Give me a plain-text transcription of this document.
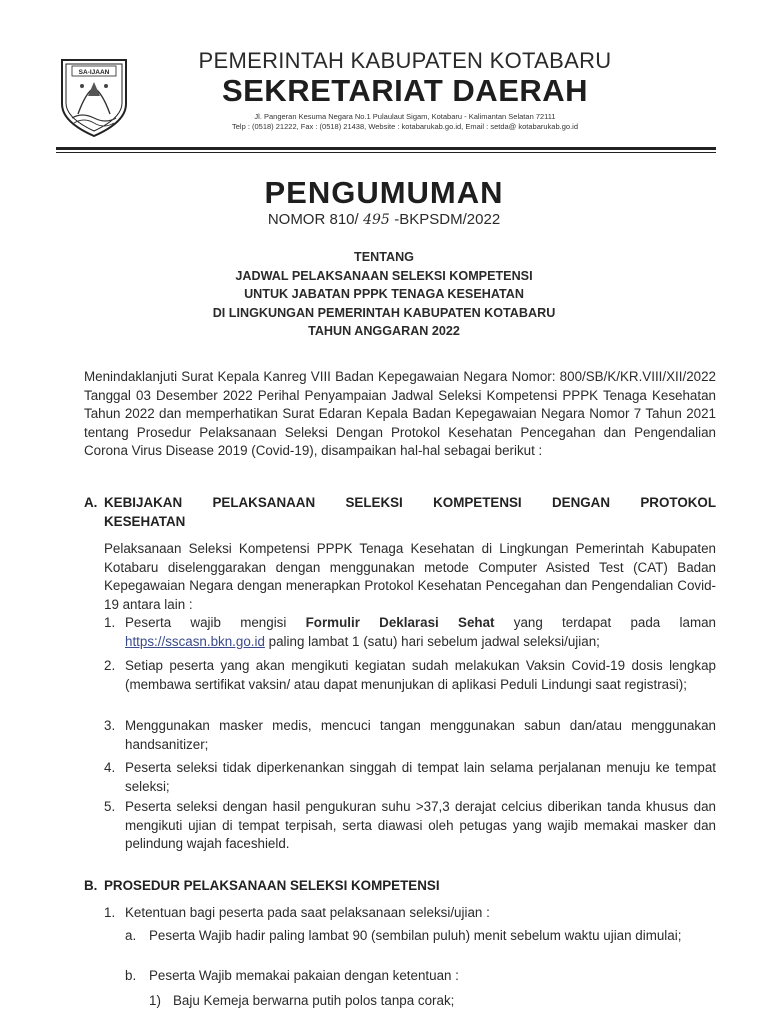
SA-IJAAN	PEMERINTAH KABUPATEN KOTABARU
SEKRETARIAT DAERAH
Jl. Pangeran Kesuma Negara No.1 Pulaulaut Sigam, Kotabaru - Kalimantan Selatan 72111
Telp : (0518) 21222, Fax : (0518) 21438, Website : kotabarukab.go.id, Email : setda@ kotabarukab.go.id
PENGUMUMAN
NOMOR 810/ 495 -BKPSDM/2022
TENTANG
JADWAL PELAKSANAAN SELEKSI KOMPETENSI
UNTUK JABATAN PPPK TENAGA KESEHATAN
DI LINGKUNGAN PEMERINTAH KABUPATEN KOTABARU
TAHUN ANGGARAN 2022

Menindaklanjuti Surat Kepala Kanreg VIII Badan Kepegawaian Negara Nomor: 800/SB/K/KR.VIII/XII/2022 Tanggal 03 Desember 2022 Perihal Penyampaian Jadwal Seleksi Kompetensi PPPK Tenaga Kesehatan Tahun 2022 dan memperhatikan Surat Edaran Kepala Badan Kepegawaian Negara Nomor 7 Tahun 2021 tentang Prosedur Pelaksanaan Seleksi Dengan Protokol Kesehatan Pencegahan dan Pengendalian Corona Virus Disease 2019 (Covid-19), disampaikan hal-hal sebagai berikut :

A. KEBIJAKAN PELAKSANAAN SELEKSI KOMPETENSI DENGAN PROTOKOL
KESEHATAN

Pelaksanaan Seleksi Kompetensi PPPK Tenaga Kesehatan di Lingkungan Pemerintah Kabupaten Kotabaru diselenggarakan dengan menggunakan metode Computer Asisted Test (CAT) Badan Kepegawaian Negara dengan menerapkan Protokol Kesehatan Pencegahan dan Pengendalian Covid-19 antara lain :

1. Peserta wajib mengisi Formulir Deklarasi Sehat yang terdapat pada laman https://sscasn.bkn.go.id paling lambat 1 (satu) hari sebelum jadwal seleksi/ujian;
2. Setiap peserta yang akan mengikuti kegiatan sudah melakukan Vaksin Covid-19 dosis lengkap (membawa sertifikat vaksin/ atau dapat menunjukan di aplikasi Peduli Lindungi saat registrasi);
3. Menggunakan masker medis, mencuci tangan menggunakan sabun dan/atau menggunakan handsanitizer;
4. Peserta seleksi tidak diperkenankan singgah di tempat lain selama perjalanan menuju ke tempat seleksi;
5. Peserta seleksi dengan hasil pengukuran suhu >37,3 derajat celcius diberikan tanda khusus dan mengikuti ujian di tempat terpisah, serta diawasi oleh petugas yang wajib memakai masker dan pelindung wajah faceshield.
B. PROSEDUR PELAKSANAAN SELEKSI KOMPETENSI
1. Ketentuan bagi peserta pada saat pelaksanaan seleksi/ujian :
a. Peserta Wajib hadir paling lambat 90 (sembilan puluh) menit sebelum waktu ujian dimulai;
b. Peserta Wajib memakai pakaian dengan ketentuan :
1) Baju Kemeja berwarna putih polos tanpa corak;
